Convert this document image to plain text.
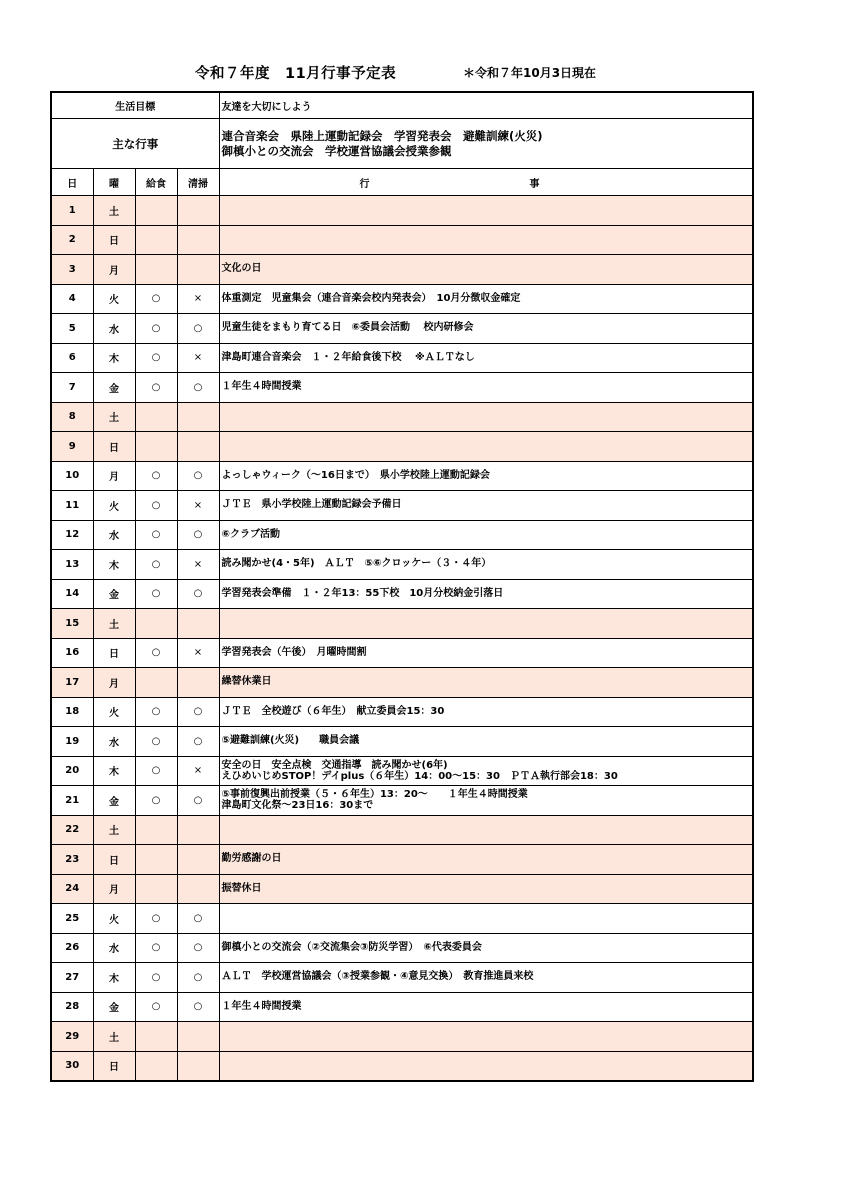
令和７年度　11月行事予定表	＊令和７年10月3日現在
生活目標				友達を大切にしよう
主な行事				連合音楽会　県陸上運動記録会　学習発表会　避難訓練(火災)
御槙小との交流会　学校運営協議会授業参観

日	曜	給食	清掃	行 事
1	土			

2	日			

3	月			文化の日

4	火	○	×	体重測定　児童集会（連合音楽会校内発表会）　10月分徴収金確定

5	水	○	○	児童生徒をまもり育てる日　⑥委員会活動　 校内研修会

6	木	○	×	津島町連合音楽会　１・２年給食後下校　 ※ＡＬＴなし

7	金	○	○	１年生４時間授業

8	土			

9	日			

10	月	○	○	よっしゃウィーク（～16日まで）　県小学校陸上運動記録会

11	火	○	×	ＪＴＥ　県小学校陸上運動記録会予備日

12	水	○	○	⑥クラブ活動

13	木	○	×	読み聞かせ(4・5年)　ＡＬＴ　⑤⑥クロッケー（３・４年）

14	金	○	○	学習発表会準備　１・２年13：55下校　10月分校納金引落日

15	土			

16	日	○	×	学習発表会（午後）　月曜時間割

17	月			繰替休業日

18	火	○	○	ＪＴＥ　全校遊び（６年生）　献立委員会15：30

19	水	○	○	⑤避難訓練(火災)　　職員会議

20	木	○	×	安全の日　安全点検　交通指導　読み聞かせ(6年)
えひめいじめSTOP！デイplus（６年生）14：00～15：30　ＰＴＡ執行部会18：30

21	金	○	○	⑤事前復興出前授業（５・６年生）13：20～　　１年生４時間授業
津島町文化祭～23日16：30まで

22	土			

23	日			勤労感謝の日

24	月			振替休日

25	火	○	○	

26	水	○	○	御槙小との交流会（②交流集会③防災学習）　⑥代表委員会

27	木	○	○	ＡＬＴ　学校運営協議会（③授業参観・④意見交換）　教育推進員来校

28	金	○	○	１年生４時間授業

29	土			

30	日			
